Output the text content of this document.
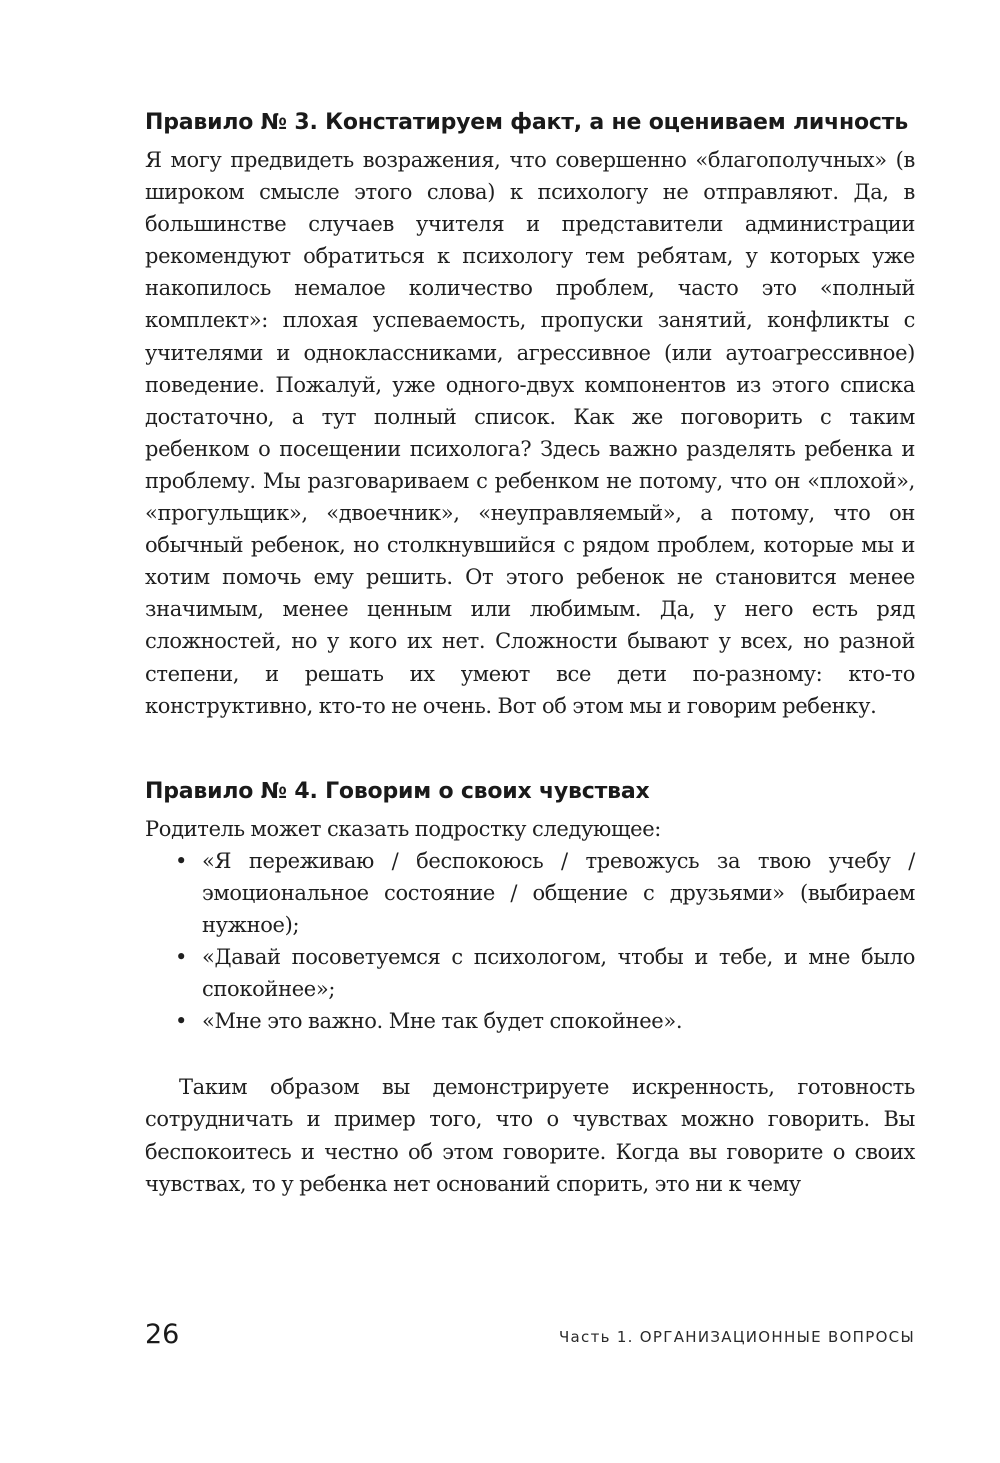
Правило № 3. Констатируем факт, а не оцениваем личность

Я могу предвидеть возражения, что совершенно «благополучных» (в широком смысле этого слова) к психологу не отправляют. Да, в большинстве случаев учителя и представители администрации рекомендуют обратиться к психологу тем ребятам, у которых уже накопилось немалое количество проблем, часто это «полный комплект»: плохая успеваемость, пропуски занятий, конфликты с учителями и одноклассниками, агрессивное (или аутоагрессивное) поведение. Пожалуй, уже одного-двух компонентов из этого списка достаточно, а тут полный список. Как же поговорить с таким ребенком о посещении психолога? Здесь важно разделять ребенка и проблему. Мы разговариваем с ребенком не потому, что он «плохой», «прогульщик», «двоечник», «неуправляемый», а потому, что он обычный ребенок, но столкнувшийся с рядом проблем, которые мы и хотим помочь ему решить. От этого ребенок не становится менее значимым, менее ценным или любимым. Да, у него есть ряд сложностей, но у кого их нет. Сложности бывают у всех, но разной степени, и решать их умеют все дети по-разному: кто-то конструктивно, кто-то не очень. Вот об этом мы и говорим ребенку.

Правило № 4. Говорим о своих чувствах

Родитель может сказать подростку следующее:

• «Я переживаю / беспокоюсь / тревожусь за твою учебу / эмоциональное состояние / общение с друзьями» (выбираем нужное);
• «Давай посоветуемся с психологом, чтобы и тебе, и мне было спокойнее»;
• «Мне это важно. Мне так будет спокойнее».

Таким образом вы демонстрируете искренность, готовность сотрудничать и пример того, что о чувствах можно говорить. Вы беспокоитесь и честно об этом говорите. Когда вы говорите о своих чувствах, то у ребенка нет оснований спорить, это ни к чему

26	Часть 1. ОРГАНИЗАЦИОННЫЕ ВОПРОСЫ
